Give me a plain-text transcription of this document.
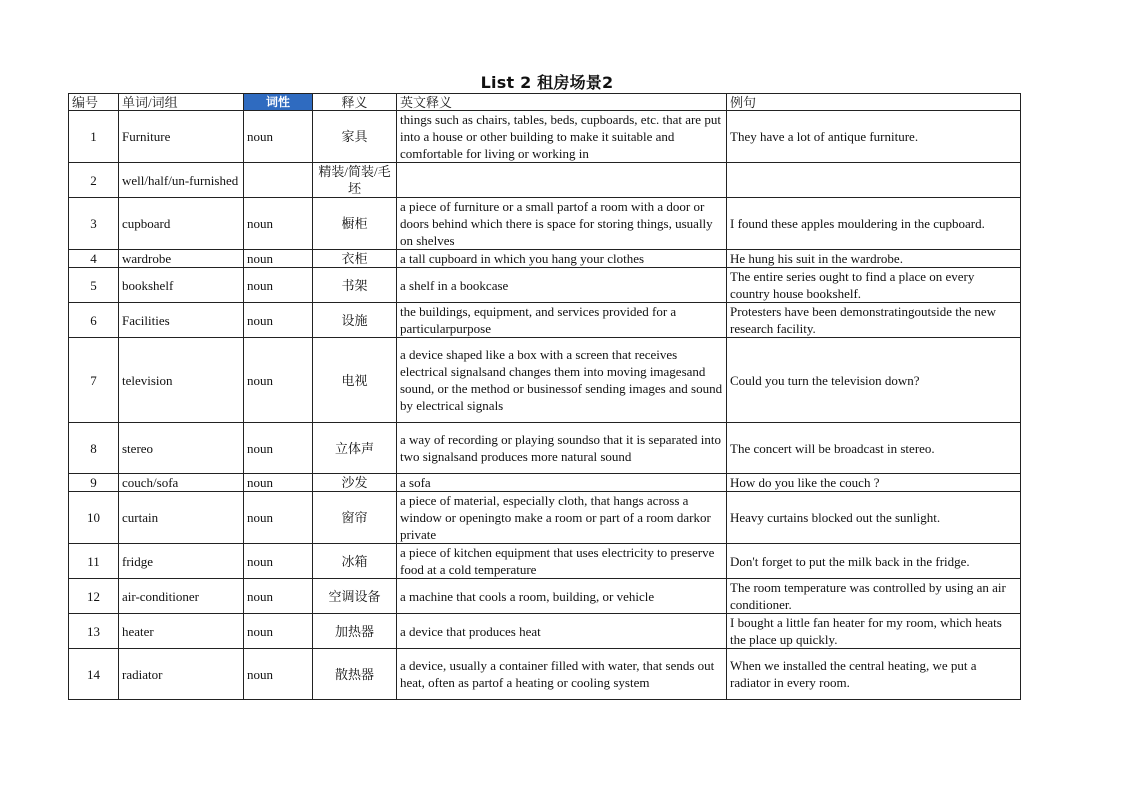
List 2 租房场景2
编号	单词/词组	词性	释义	英文释义	例句
1	Furniture	noun	家具	things such as chairs, tables, beds, cupboards, etc. that are put into a house or other building to make it suitable and comfortable for living or working in	They have a lot of antique furniture.
2	well/half/un-furnished		精装/简装/毛坯		
3	cupboard	noun	橱柜	a piece of furniture or a small partof a room with a door or doors behind which there is space for storing things, usually on shelves	I found these apples mouldering in the cupboard.
4	wardrobe	noun	衣柜	a tall cupboard in which you hang your clothes	He hung his suit in the wardrobe.
5	bookshelf	noun	书架	a shelf in a bookcase	The entire series ought to find a place on every country house bookshelf.
6	Facilities	noun	设施	the buildings, equipment, and services provided for a particularpurpose	Protesters have been demonstratingoutside the new research facility.
7	television	noun	电视	a device shaped like a box with a screen that receives electrical signalsand changes them into moving imagesand sound, or the method or businessof sending images and sound by electrical signals	Could you turn the television down?
8	stereo	noun	立体声	a way of recording or playing soundso that it is separated into two signalsand produces more natural sound	The concert will be broadcast in stereo.
9	couch/sofa	noun	沙发	a sofa	How do you like the couch ?
10	curtain	noun	窗帘	a piece of material, especially cloth, that hangs across a window or openingto make a room or part of a room darkor private	Heavy curtains blocked out the sunlight.
11	fridge	noun	冰箱	a piece of kitchen equipment that uses electricity to preserve food at a cold temperature	Don't forget to put the milk back in the fridge.
12	air-conditioner	noun	空调设备	a machine that cools a room, building, or vehicle	The room temperature was controlled by using an air conditioner.
13	heater	noun	加热器	a device that produces heat	I bought a little fan heater for my room, which heats the place up quickly.
14	radiator	noun	散热器	a device, usually a container filled with water, that sends out heat, often as partof a heating or cooling system	When we installed the central heating, we put a radiator in every room.
